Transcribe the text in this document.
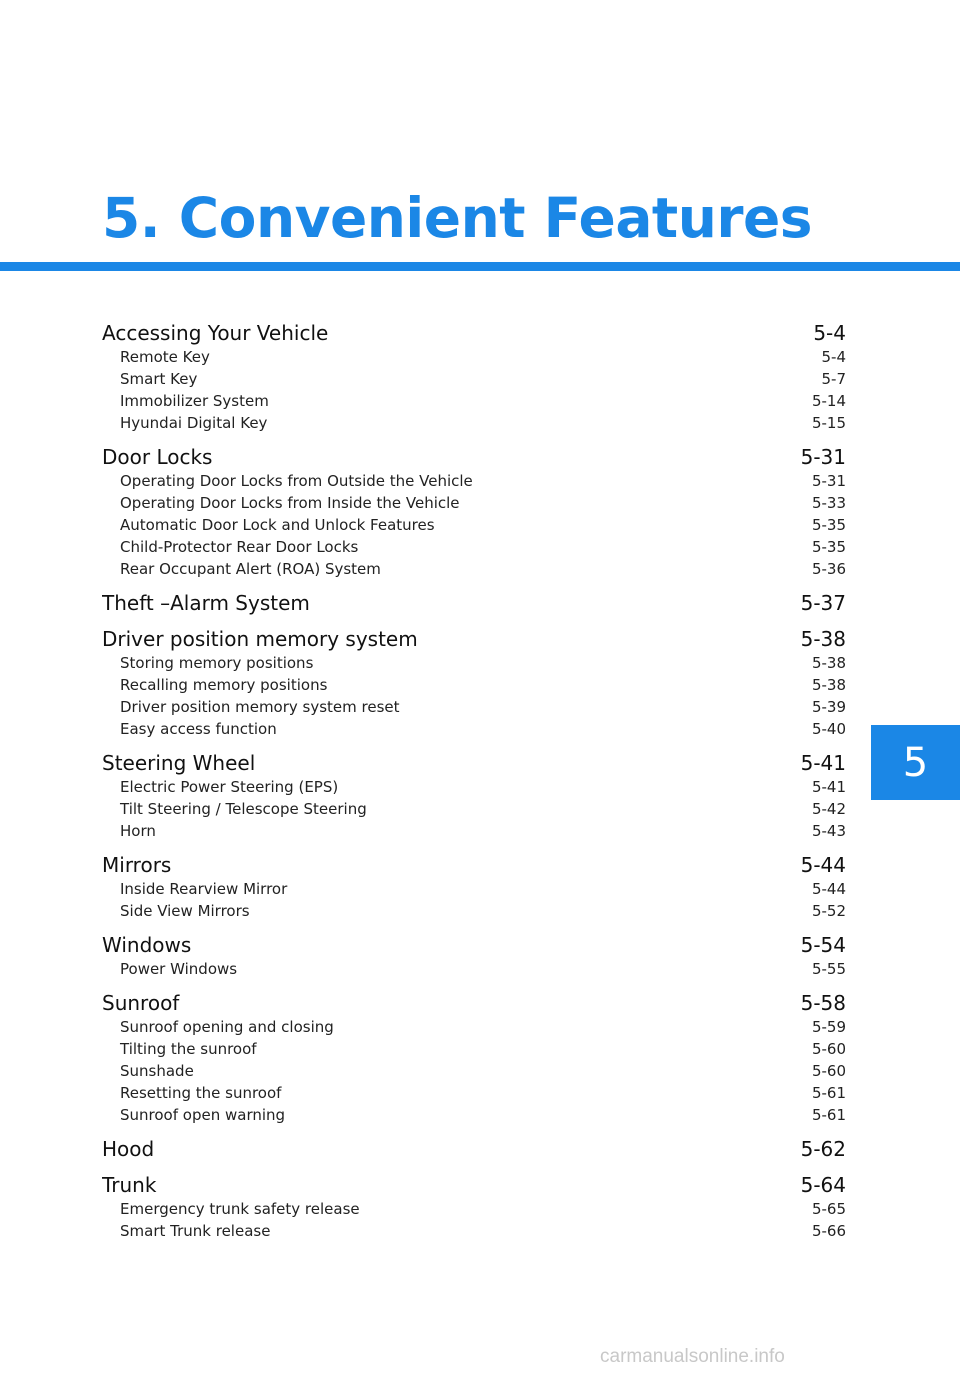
5. Convenient Features
Accessing Your Vehicle	5-4
Remote Key	5-4
Smart Key	5-7
Immobilizer System	5-14
Hyundai Digital Key	5-15
Door Locks	5-31
Operating Door Locks from Outside the Vehicle	5-31
Operating Door Locks from Inside the Vehicle	5-33
Automatic Door Lock and Unlock Features	5-35
Child-Protector Rear Door Locks	5-35
Rear Occupant Alert (ROA) System	5-36
Theft –Alarm System	5-37
Driver position memory system	5-38
Storing memory positions	5-38
Recalling memory positions	5-38
Driver position memory system reset	5-39
Easy access function	5-40
Steering Wheel	5-41
Electric Power Steering (EPS)	5-41
Tilt Steering / Telescope Steering	5-42
Horn	5-43
Mirrors	5-44
Inside Rearview Mirror	5-44
Side View Mirrors	5-52
Windows	5-54
Power Windows	5-55
Sunroof	5-58
Sunroof opening and closing	5-59
Tilting the sunroof	5-60
Sunshade	5-60
Resetting the sunroof	5-61
Sunroof open warning	5-61
Hood	5-62
Trunk	5-64
Emergency trunk safety release	5-65
Smart Trunk release	5-66
5
carmanualsonline.info
